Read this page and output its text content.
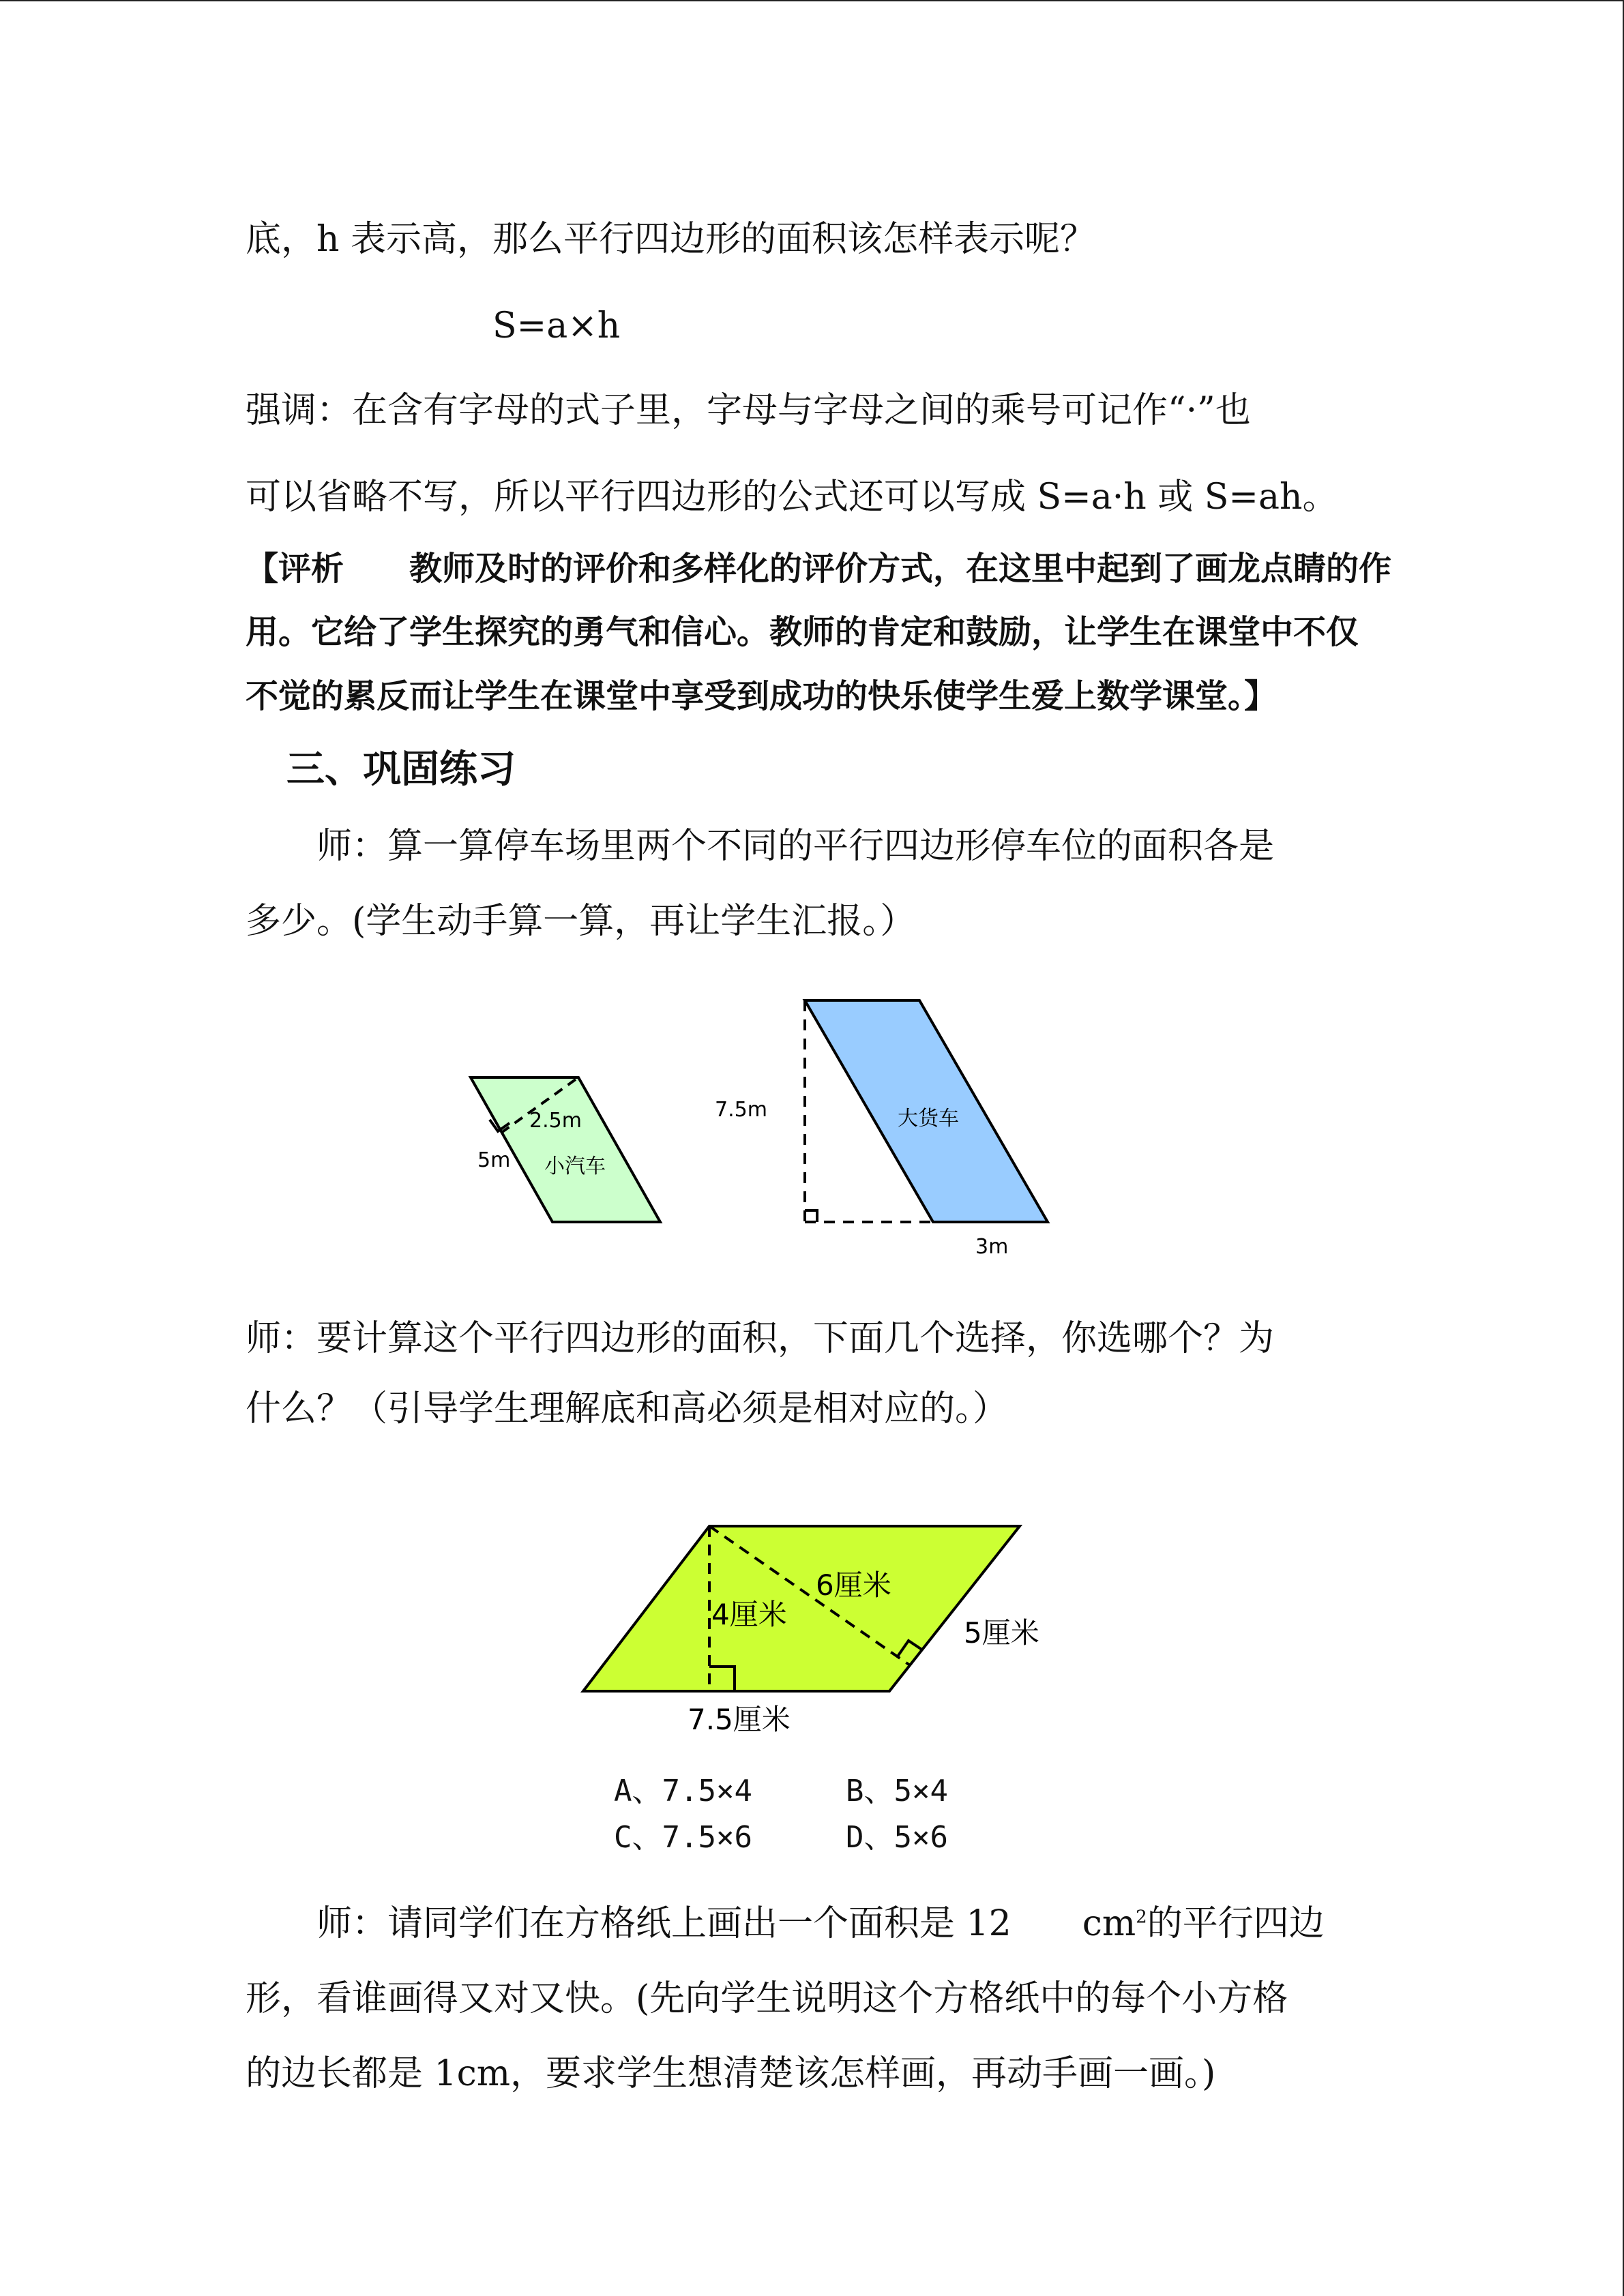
底，h 表示高，那么平行四边形的面积该怎样表示呢？
S=a×h
强调：在含有字母的式子里，字母与字母之间的乘号可记作“·”也
可以省略不写，所以平行四边形的公式还可以写成 S=a·h 或 S=ah。
【评析　　教师及时的评价和多样化的评价方式，在这里中起到了画龙点睛的作
用。它给了学生探究的勇气和信心。教师的肯定和鼓励，让学生在课堂中不仅
不觉的累反而让学生在课堂中享受到成功的快乐使学生爱上数学课堂。】
三、巩固练习
　　师：算一算停车场里两个不同的平行四边形停车位的面积各是
多少。(学生动手算一算，再让学生汇报。）
2.5m
5m 小汽车
7.5m	大货车
3m
师：要计算这个平行四边形的面积，下面几个选择，你选哪个？为
什么？（引导学生理解底和高必须是相对应的。）
4厘米
6厘米
5厘米
7.5厘米
A、7.5×4	B、5×4
C、7.5×6	D、5×6
　　师：请同学们在方格纸上画出一个面积是 12　　$cm^2$的平行四边
形，看谁画得又对又快。(先向学生说明这个方格纸中的每个小方格
的边长都是 1cm，要求学生想清楚该怎样画，再动手画一画。)
